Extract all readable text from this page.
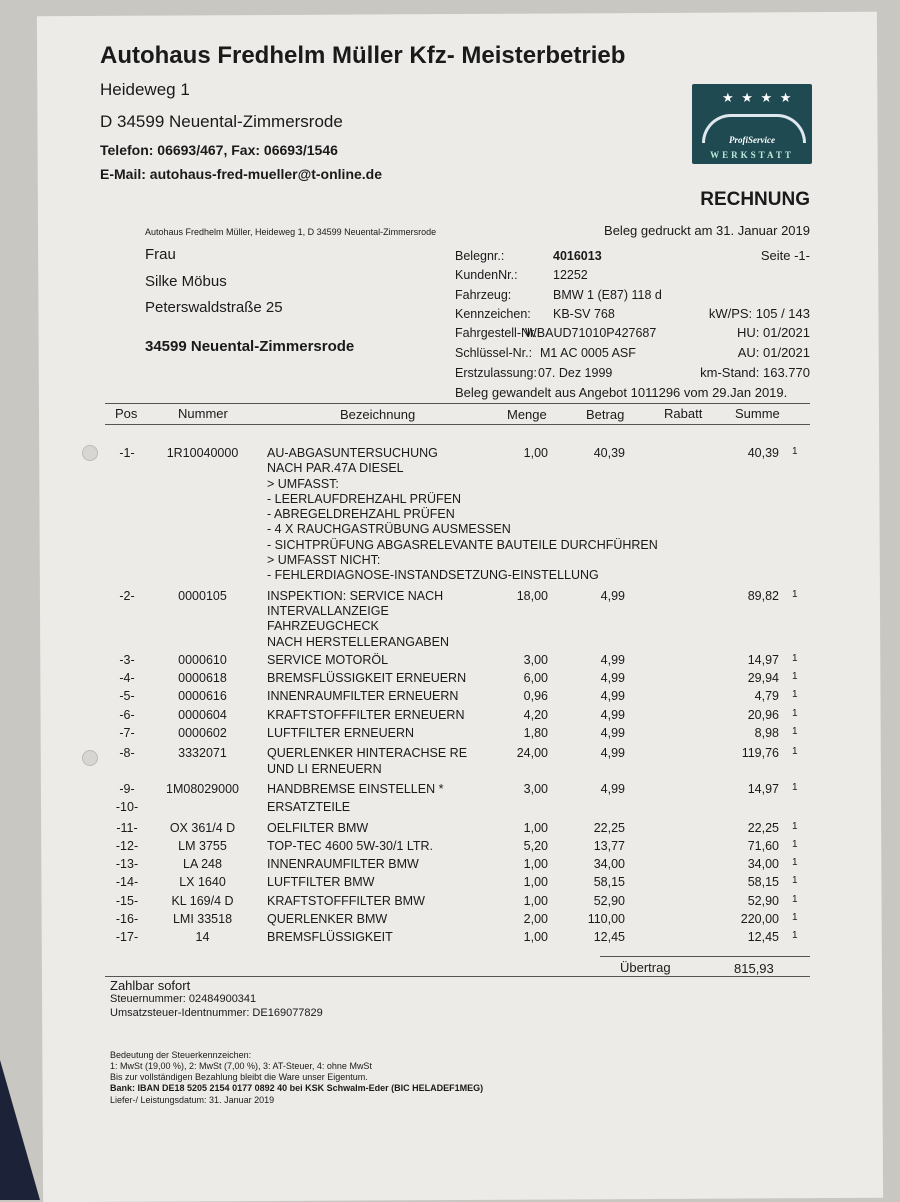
Autohaus Fredhelm Müller Kfz- Meisterbetrieb
Heideweg 1
D 34599 Neuental-Zimmersrode
Telefon: 06693/467, Fax: 06693/1546
E-Mail: autohaus-fred-mueller@t-online.de
★ ★ ★ ★
ProfiService
WERKSTATT
RECHNUNG
Autohaus Fredhelm Müller, Heideweg 1, D 34599 Neuental-Zimmersrode	Beleg gedruckt am 31. Januar 2019
Seite -1-
Frau
Silke Möbus
Peterswaldstraße 25
34599 Neuental-Zimmersrode
Belegnr.:	4016013
KundenNr.:	12252
Fahrzeug:	BMW 1 (E87) 118 d
Kennzeichen: KB-SV 768	kW/PS: 105 / 143
Fahrgestell-Nr.:
WBAUD71010P427687	HU: 01/2021
Schlüssel-Nr.: M1 AC 0005 ASF	AU: 01/2021
Erstzulassung: 07. Dez 1999	km-Stand: 163.770
Beleg gewandelt aus Angebot 1011296 vom 29.Jan 2019.
Pos	Nummer	Bezeichnung	Menge	Betrag	Rabatt	Summe
-1-	1R10040000	AU-ABGASUNTERSUCHUNG
NACH PAR.47A DIESEL
> UMFASST:
- LEERLAUFDREHZAHL PRÜFEN
- ABREGELDREHZAHL PRÜFEN
- 4 X RAUCHGASTRÜBUNG AUSMESSEN
- SICHTPRÜFUNG ABGASRELEVANTE BAUTEILE DURCHFÜHREN
> UMFASST NICHT:
- FEHLERDIAGNOSE-INSTANDSETZUNG-EINSTELLUNG
1,00	40,39	40,39 1
-2-	0000105	INSPEKTION: SERVICE NACH
INTERVALLANZEIGE
FAHRZEUGCHECK
NACH HERSTELLERANGABEN
18,00	4,99	89,82 1
-3-	0000610	SERVICE MOTORÖL	3,00	4,99	14,97 1
-4-	0000618	BREMSFLÜSSIGKEIT ERNEUERN	6,00	4,99	29,94 1
-5-	0000616	INNENRAUMFILTER ERNEUERN	0,96	4,99	4,79 1
-6-	0000604	KRAFTSTOFFFILTER ERNEUERN	4,20	4,99	20,96 1
-7-	0000602	LUFTFILTER ERNEUERN	1,80	4,99	8,98 1
-8-	3332071	QUERLENKER HINTERACHSE RE
UND LI ERNEUERN
24,00	4,99	119,76 1
-9-	1M08029000	HANDBREMSE EINSTELLEN *	3,00	4,99	14,97 1
-10-	ERSATZTEILE
-11-	OX 361/4 D	OELFILTER BMW	1,00	22,25	22,25 1
-12-	LM 3755	TOP-TEC 4600 5W-30/1 LTR.	5,20	13,77	71,60 1
-13-	LA 248	INNENRAUMFILTER BMW	1,00	34,00	34,00 1
-14-	LX 1640	LUFTFILTER BMW	1,00	58,15	58,15 1
-15-	KL 169/4 D	KRAFTSTOFFFILTER BMW	1,00	52,90	52,90 1
-16-	LMI 33518	QUERLENKER BMW	2,00	110,00	220,00 1
-17-	14	BREMSFLÜSSIGKEIT	1,00	12,45	12,45 1
Übertrag	815,93
Zahlbar sofort
Steuernummer: 02484900341
Umsatzsteuer-Identnummer: DE169077829
Bedeutung der Steuerkennzeichen:
1: MwSt (19,00 %), 2: MwSt (7,00 %), 3: AT-Steuer, 4: ohne MwSt
Bis zur vollständigen Bezahlung bleibt die Ware unser Eigentum.
Bank: IBAN DE18 5205 2154 0177 0892 40 bei KSK Schwalm-Eder (BIC HELADEF1MEG)
Liefer-/ Leistungsdatum: 31. Januar 2019
